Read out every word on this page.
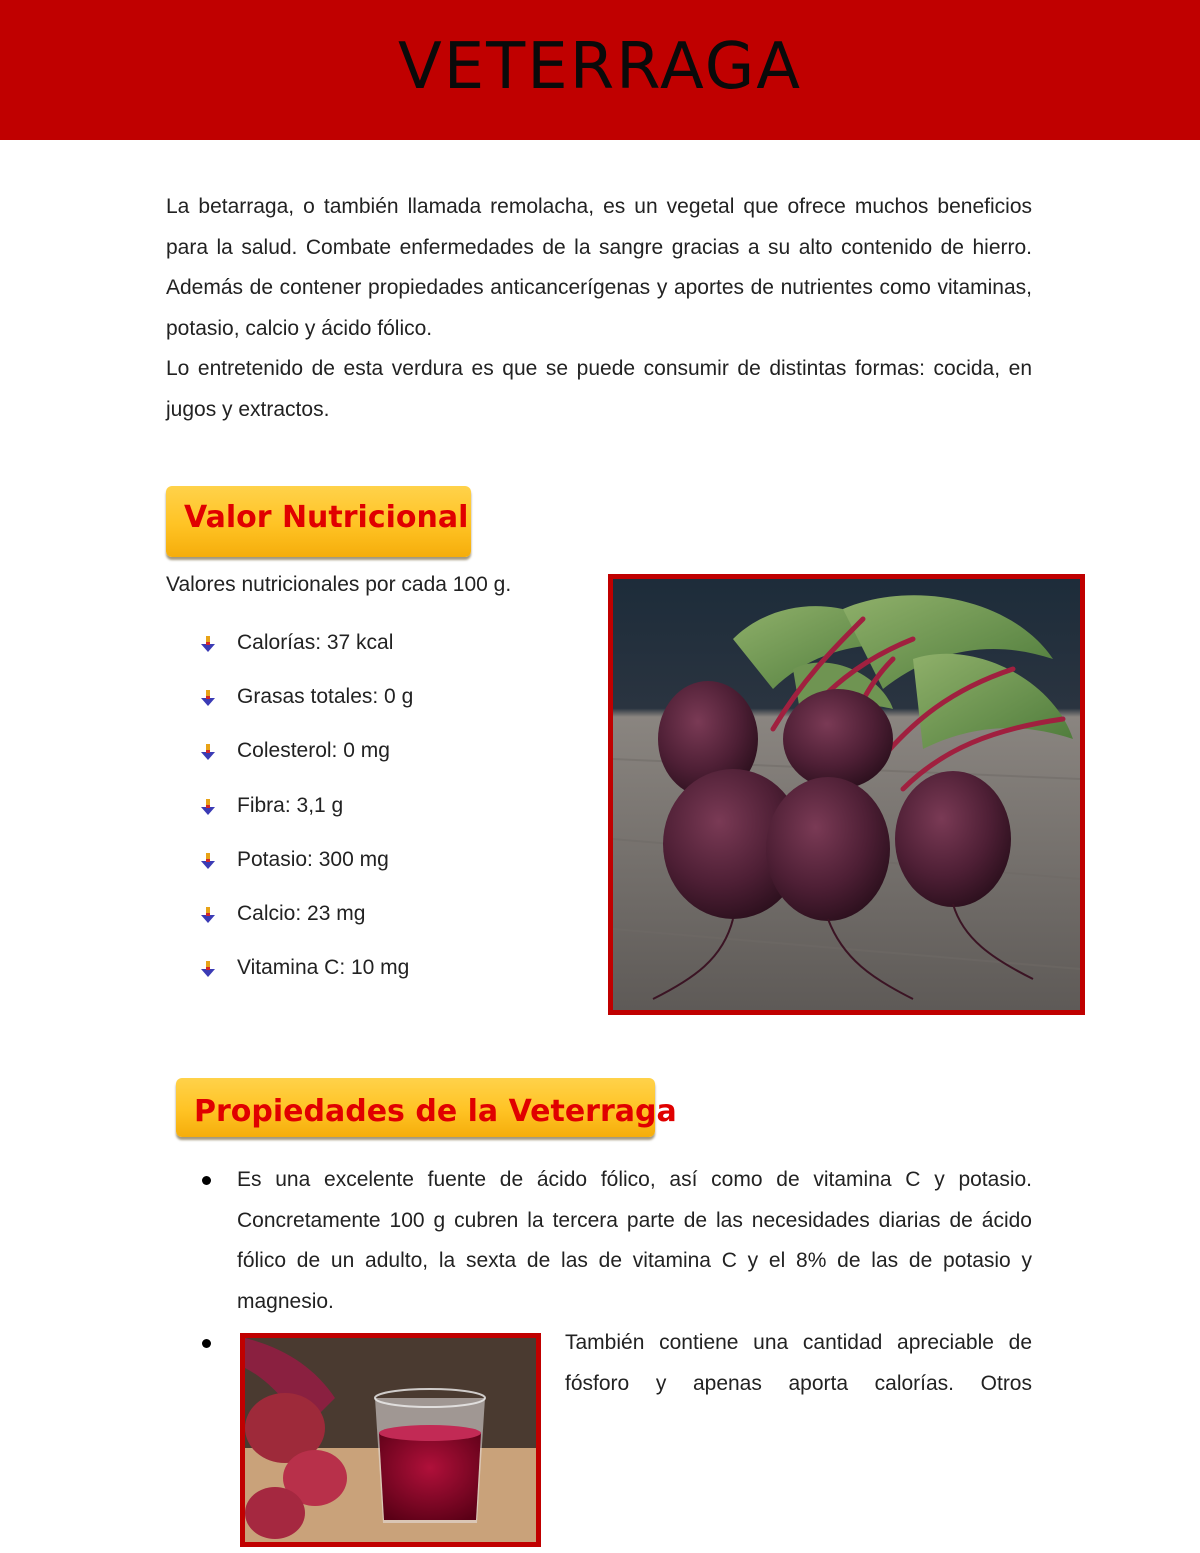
VETERRAGA

La betarraga, o también llamada remolacha, es un vegetal que ofrece muchos beneficios para la salud. Combate enfermedades de la sangre gracias a su alto contenido de hierro. Además de contener propiedades anticancerígenas y aportes de nutrientes como vitaminas, potasio, calcio y ácido fólico.

Lo entretenido de esta verdura es que se puede consumir de distintas formas: cocida, en jugos y extractos.

Valor Nutricional

Valores nutricionales por cada 100 g.

Calorías: 37 kcal
Grasas totales: 0 g
Colesterol: 0 mg
Fibra: 3,1 g
Potasio: 300 mg
Calcio: 23 mg
Vitamina C: 10 mg
Propiedades de la Veterraga
Es una excelente fuente de ácido fólico, así como de vitamina C y potasio. Concretamente 100 g cubren la tercera parte de las necesidades diarias de ácido fólico de un adulto, la sexta de las de vitamina C y el 8% de las de potasio y magnesio.

También contiene una cantidad apreciable de fósforo y apenas aporta calorías. Otros
